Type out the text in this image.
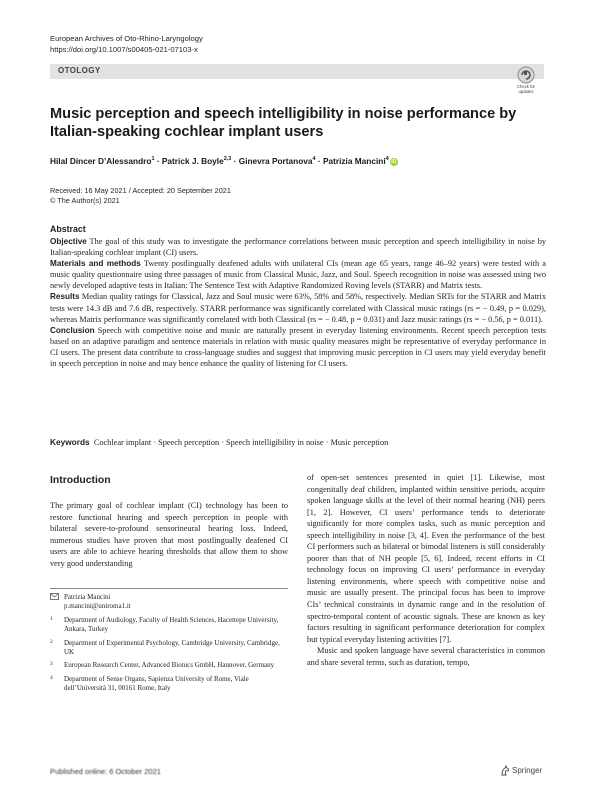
European Archives of Oto-Rhino-Laryngology
https://doi.org/10.1007/s00405-021-07103-x
OTOLOGY
Check for
updates
Music perception and speech intelligibility in noise performance by Italian-speaking cochlear implant users
Hilal Dincer D’Alessandro$^1$ · Patrick J. Boyle$^{2,3}$ · Ginevra Portanova$^4$ · Patrizia Mancini$^4$ iD
Received: 16 May 2021 / Accepted: 20 September 2021
© The Author(s) 2021
Abstract

Objective The goal of this study was to investigate the performance correlations between music perception and speech intelligibility in noise by Italian-speaking cochlear implant (CI) users.

Materials and methods Twenty postlingually deafened adults with unilateral CIs (mean age 65 years, range 46–92 years) were tested with a music quality questionnaire using three passages of music from Classical Music, Jazz, and Soul. Speech recognition in noise was assessed using two newly developed adaptive tests in Italian: The Sentence Test with Adaptive Randomized Roving levels (STARR) and Matrix tests.

Results Median quality ratings for Classical, Jazz and Soul music were 63%, 58% and 58%, respectively. Median SRTs for the STARR and Matrix tests were 14.3 dB and 7.6 dB, respectively. STARR performance was significantly correlated with Classical music ratings (rs = − 0.49, p = 0.029), whereas Matrix performance was significantly correlated with both Classical (rs = − 0.48, p = 0.031) and Jazz music ratings (rs = − 0.56, p = 0.011).

Conclusion Speech with competitive noise and music are naturally present in everyday listening environments. Recent speech perception tests based on an adaptive paradigm and sentence materials in relation with music quality measures might be representative of everyday performance in CI users. The present data contribute to cross-language studies and suggest that improving music perception in CI users may yield everyday benefit in speech perception in noise and may hence enhance the quality of listening for CI users.

Keywords Cochlear implant · Speech perception · Speech intelligibility in noise · Music perception
Introduction
The primary goal of cochlear implant (CI) technology has been to restore functional hearing and speech perception in people with bilateral severe-to-profound sensorineural hearing loss. Indeed, numerous studies have proven that most postlingually deafened CI users are able to achieve hearing thresholds that allow them to show very good understanding

of open-set sentences presented in quiet [1]. Likewise, most congenitally deaf children, implanted within sensitive periods, acquire spoken language skills at the level of their normal hearing (NH) peers [1, 2]. However, CI users’ performance tends to deteriorate significantly for more complex tasks, such as music perception and speech intelligibility in noise [3, 4]. Even the performance of the best CI performers such as bilateral or bimodal listeners is still considerably poorer than that of NH people [5, 6]. Indeed, recent efforts in CI technology focus on improving CI users’ performance in everyday listening environments, where speech with competitive noise and music are usually present. The principal focus has been to improve CIs’ technical constraints in dynamic range and in the resolution of spectro-temporal content of acoustic signals. These are known as key factors resulting in significant performance deterioration for complex but typical everyday listening activities [7].

Music and spoken language have several characteristics in common and share several terms, such as duration, tempo,

Patrizia Mancini
p.mancini@uniroma1.it
1 Department of Audiology, Faculty of Health Sciences, Hacettepe University, Ankara, Turkey
2 Department of Experimental Psychology, Cambridge University, Cambridge, UK
3 European Research Center, Advanced Bionics GmbH, Hannover, Germany
4 Department of Sense Organs, Sapienza University of Rome, Viale dell’Università 31, 00161 Rome, Italy
Published online: 6 October 2021	Springer
